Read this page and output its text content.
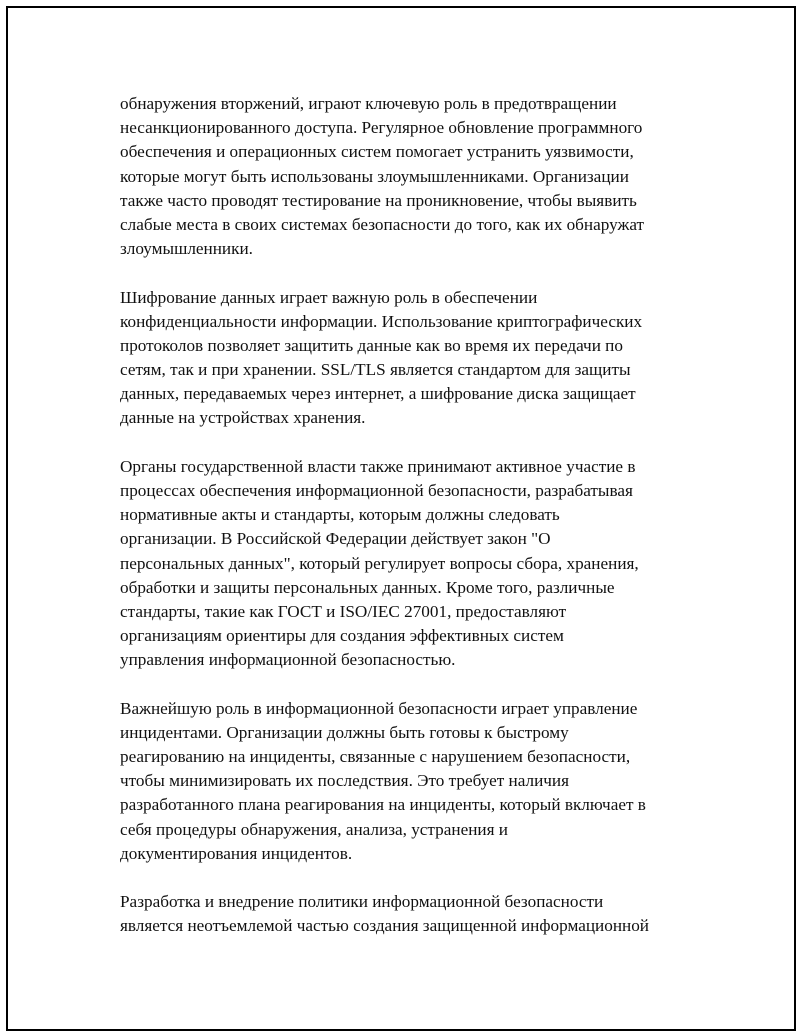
обнаружения вторжений, играют ключевую роль в предотвращении
несанкционированного доступа. Регулярное обновление программного
обеспечения и операционных систем помогает устранить уязвимости,
которые могут быть использованы злоумышленниками. Организации
также часто проводят тестирование на проникновение, чтобы выявить
слабые места в своих системах безопасности до того, как их обнаружат
злоумышленники.

Шифрование данных играет важную роль в обеспечении
конфиденциальности информации. Использование криптографических
протоколов позволяет защитить данные как во время их передачи по
сетям, так и при хранении. SSL/TLS является стандартом для защиты
данных, передаваемых через интернет, а шифрование диска защищает
данные на устройствах хранения.

Органы государственной власти также принимают активное участие в
процессах обеспечения информационной безопасности, разрабатывая
нормативные акты и стандарты, которым должны следовать
организации. В Российской Федерации действует закон "О
персональных данных", который регулирует вопросы сбора, хранения,
обработки и защиты персональных данных. Кроме того, различные
стандарты, такие как ГОСТ и ISO/IEC 27001, предоставляют
организациям ориентиры для создания эффективных систем
управления информационной безопасностью.

Важнейшую роль в информационной безопасности играет управление
инцидентами. Организации должны быть готовы к быстрому
реагированию на инциденты, связанные с нарушением безопасности,
чтобы минимизировать их последствия. Это требует наличия
разработанного плана реагирования на инциденты, который включает в
себя процедуры обнаружения, анализа, устранения и
документирования инцидентов.

Разработка и внедрение политики информационной безопасности
является неотъемлемой частью создания защищенной информационной
